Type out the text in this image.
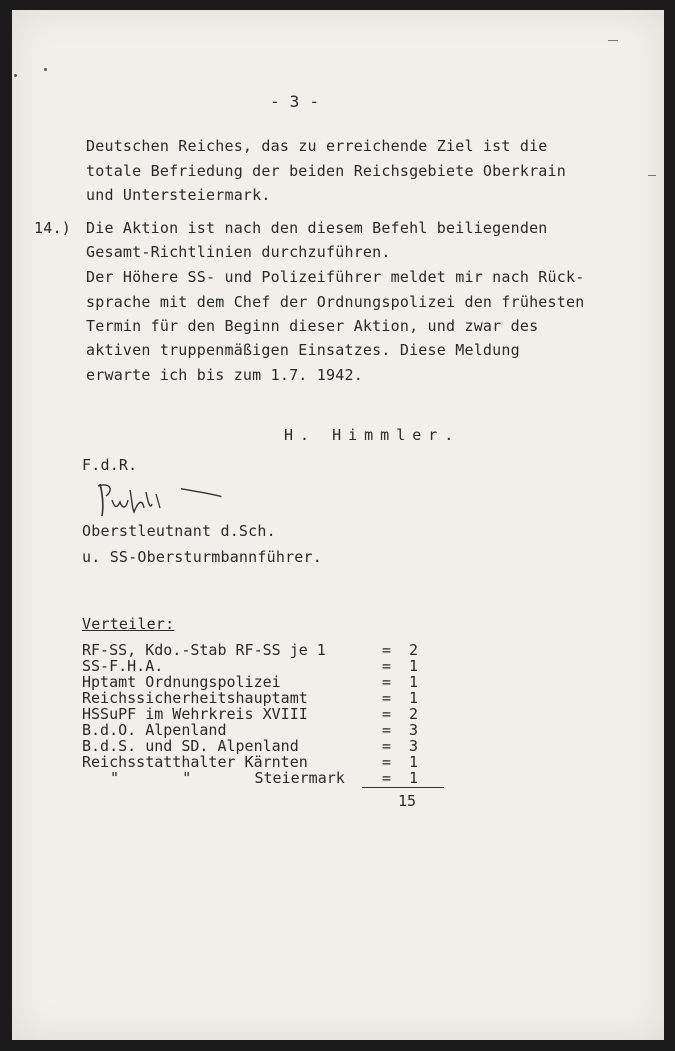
- 3 -
Deutschen Reiches, das zu erreichende Ziel ist die
totale Befriedung der beiden Reichsgebiete Oberkrain
und Untersteiermark.
14.) Die Aktion ist nach den diesem Befehl beiliegenden
Gesamt-Richtlinien durchzuführen.
Der Höhere SS- und Polizeiführer meldet mir nach Rück-
sprache mit dem Chef der Ordnungspolizei den frühesten
Termin für den Beginn dieser Aktion, und zwar des
aktiven truppenmäßigen Einsatzes. Diese Meldung
erwarte ich bis zum 1.7. 1942.
H. Himmler.
F.d.R.
Oberstleutnant d.Sch.
u. SS-Obersturmbannführer.
Verteiler:
RF-SS, Kdo.-Stab RF-SS je 1	= 2
SS-F.H.A.	= 1
Hptamt Ordnungspolizei	= 1
Reichssicherheitshauptamt	= 1
HSSuPF im Wehrkreis XVIII	= 2
B.d.O. Alpenland	= 3
B.d.S. und SD. Alpenland	= 3
Reichsstatthalter Kärnten	= 1
"       "       Steiermark = 1
15
